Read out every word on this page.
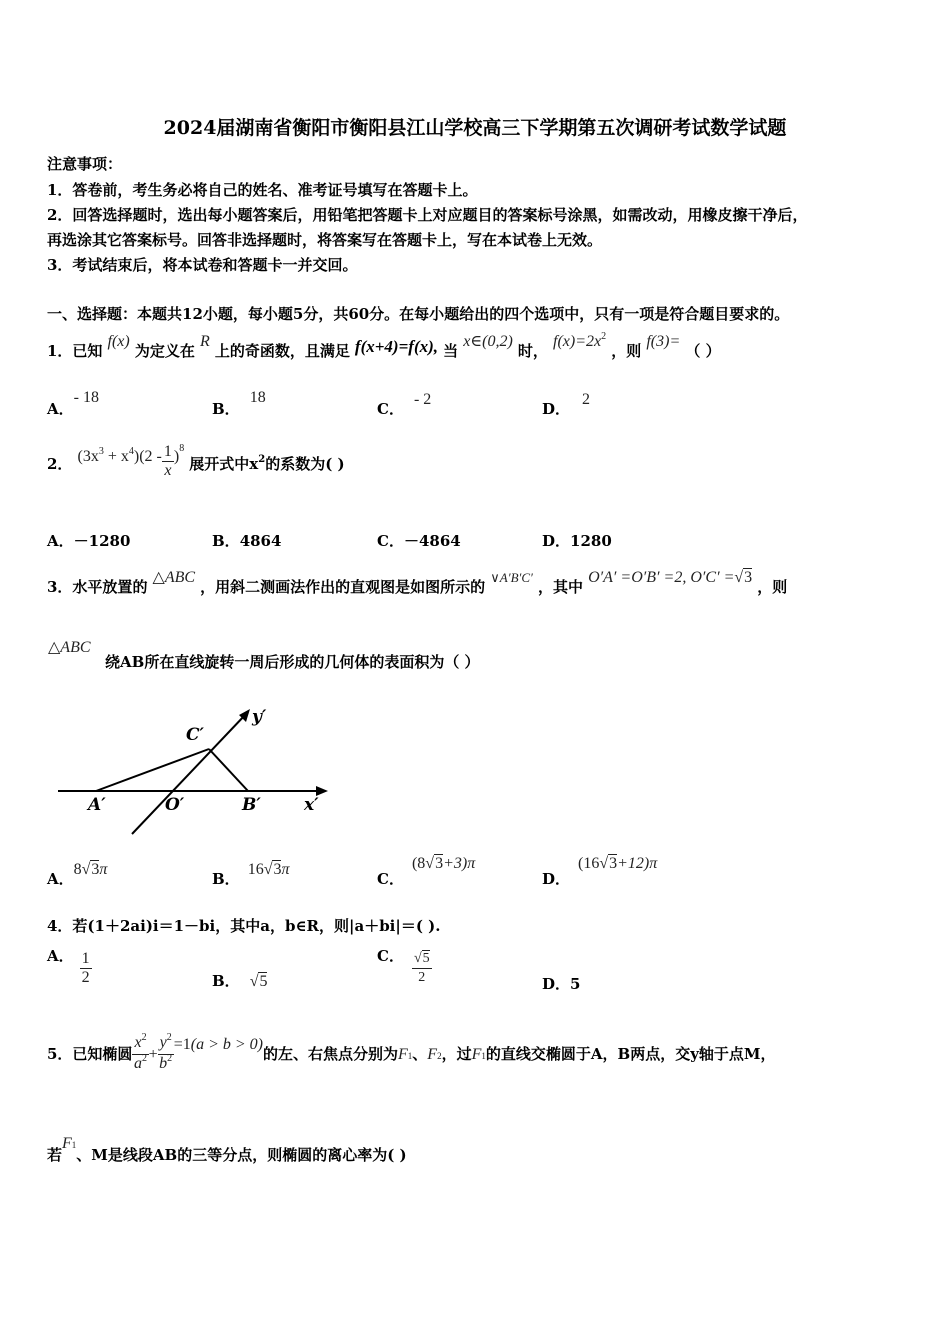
2024届湖南省衡阳市衡阳县江山学校高三下学期第五次调研考试数学试题
注意事项：
1．答卷前，考生务必将自己的姓名、准考证号填写在答题卡上。
2．回答选择题时，选出每小题答案后，用铅笔把答题卡上对应题目的答案标号涂黑，如需改动，用橡皮擦干净后，
再选涂其它答案标号。回答非选择题时，将答案写在答题卡上，写在本试卷上无效。
3．考试结束后，将本试卷和答题卡一并交回。
一、选择题：本题共12小题，每小题5分，共60分。在每小题给出的四个选项中，只有一项是符合题目要求的。
1．已知 f(x) 为定义在 R 上的奇函数，且满足 f(x+4)=f(x), 当 x∈(0,2) 时， $f(x)=2x^2$ ，则 f(3)= （ ）
A．- 18
B．18
C．- 2
D．2
2． $(3x^3 + x^4)(2 - \frac{1}{x} )^8$ 展开式中$x^2$的系数为( )
A．－1280	B．4864	C．－4864	D．1280
3．水平放置的 △ABC ，用斜二测画法作出的直观图是如图所示的 ∨A′B′C′ ，其中 O′A′ =O′B′ =2, O′C′ =√3 ，则
△ABC
绕AB所在直线旋转一周后形成的几何体的表面积为（ ）
C′
y′
A′	O′	B′	x′
A．8√3π
B．16√3π
C．(8√3+3)π
D．(16√3+12)π
4．若(1＋2ai)i＝1－bi，其中a，b∈R，则|a＋bi|＝( ).
A． $\frac{1}{2}$	B． √5
C． $\frac{√5}{2}$	D．5
5．已知椭圆 $\frac{x^2}{a^2} + \frac{y^2}{b^2} =1(a > b > 0)$的左、右焦点分别为F1、F2，过F1的直线交椭圆于A，B两点，交y轴于点M，
若F1、M是线段AB的三等分点，则椭圆的离心率为( )
